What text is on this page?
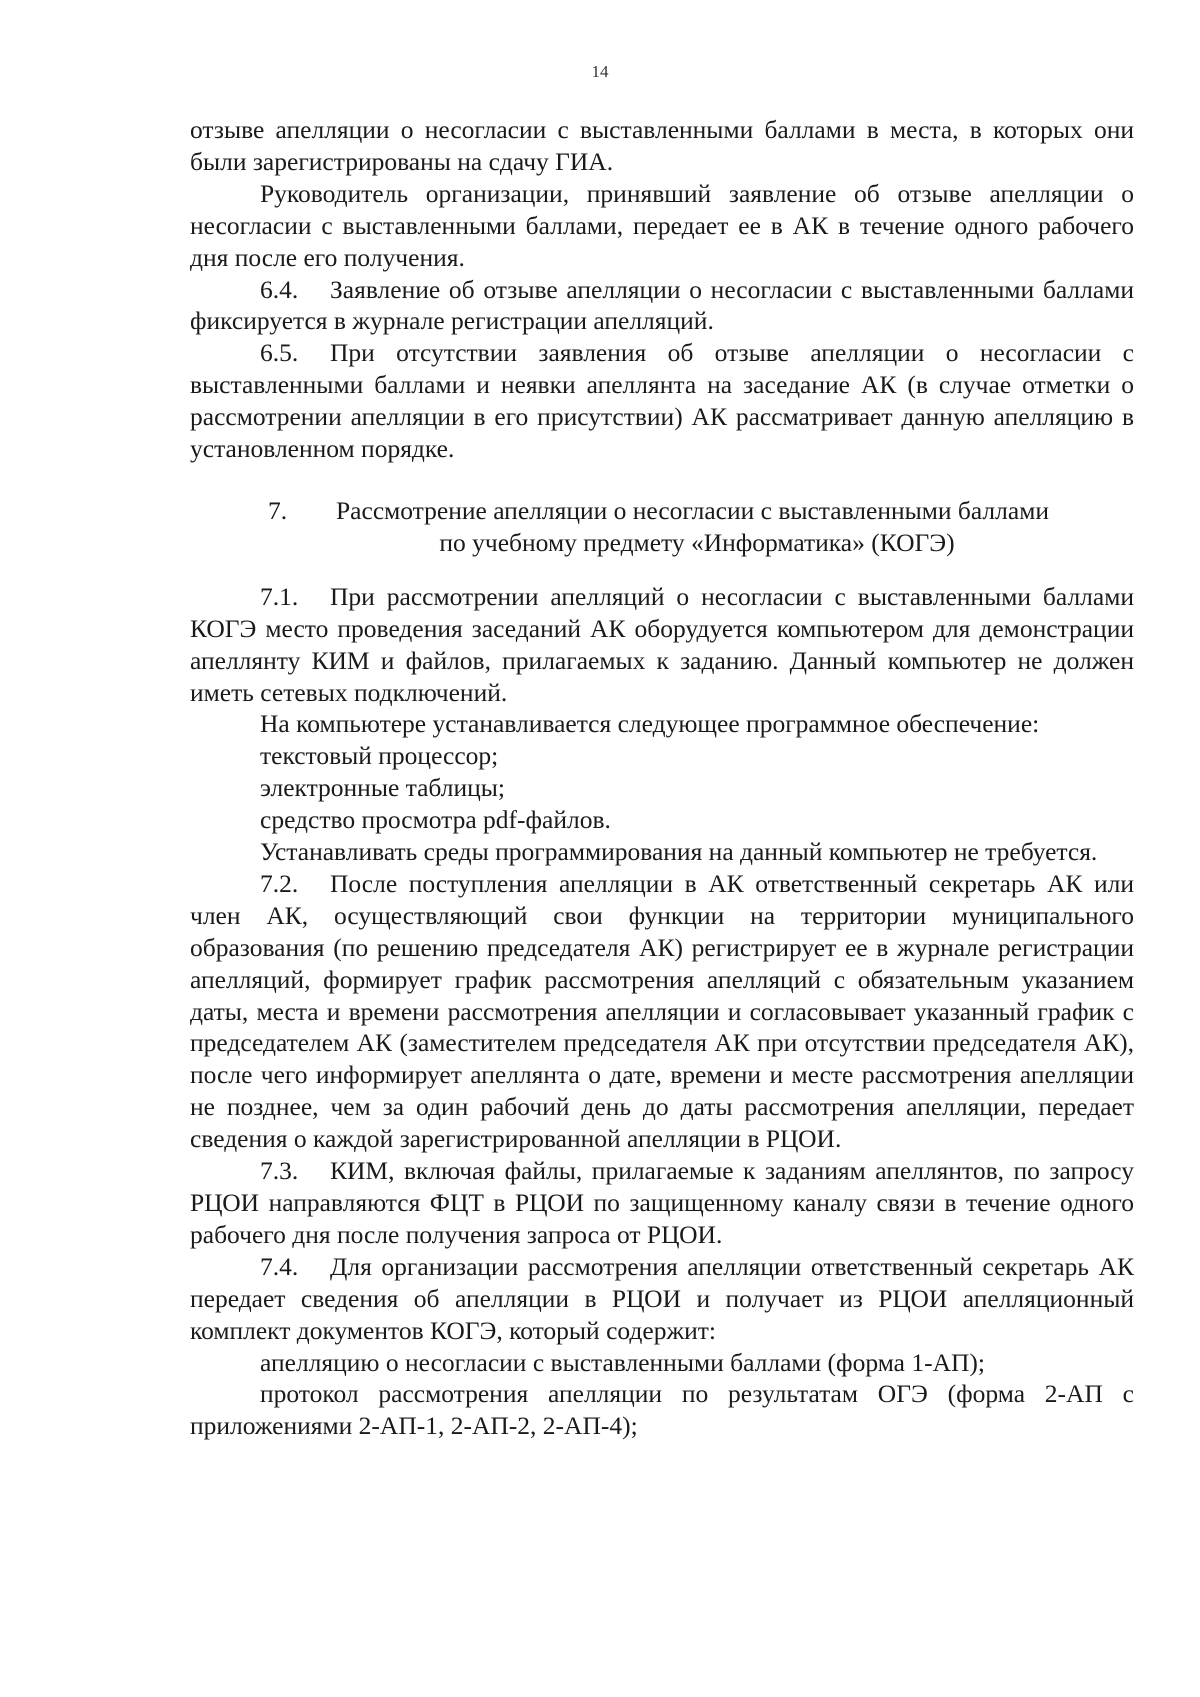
14

отзыве апелляции о несогласии с выставленными баллами в места, в которых они были зарегистрированы на сдачу ГИА.

Руководитель организации, принявший заявление об отзыве апелляции о несогласии с выставленными баллами, передает ее в АК в течение одного рабочего дня после его получения.

6.4. Заявление об отзыве апелляции о несогласии с выставленными баллами фиксируется в журнале регистрации апелляций.

6.5. При отсутствии заявления об отзыве апелляции о несогласии с выставленными баллами и неявки апеллянта на заседание АК (в случае отметки о рассмотрении апелляции в его присутствии) АК рассматривает данную апелляцию в установленном порядке.

7.	Рассмотрение апелляции о несогласии с выставленными баллами
по учебному предмету «Информатика» (КОГЭ)

7.1. При рассмотрении апелляций о несогласии с выставленными баллами КОГЭ место проведения заседаний АК оборудуется компьютером для демонстрации апеллянту КИМ и файлов, прилагаемых к заданию. Данный компьютер не должен иметь сетевых подключений.

На компьютере устанавливается следующее программное обеспечение:

текстовый процессор;

электронные таблицы;

средство просмотра pdf-файлов.

Устанавливать среды программирования на данный компьютер не требуется.

7.2. После поступления апелляции в АК ответственный секретарь АК или член АК, осуществляющий свои функции на территории муниципального образования (по решению председателя АК) регистрирует ее в журнале регистрации апелляций, формирует график рассмотрения апелляций с обязательным указанием даты, места и времени рассмотрения апелляции и согласовывает указанный график с председателем АК (заместителем председателя АК при отсутствии председателя АК), после чего информирует апеллянта о дате, времени и месте рассмотрения апелляции не позднее, чем за один рабочий день до даты рассмотрения апелляции, передает сведения о каждой зарегистрированной апелляции в РЦОИ.

7.3. КИМ, включая файлы, прилагаемые к заданиям апеллянтов, по запросу РЦОИ направляются ФЦТ в РЦОИ по защищенному каналу связи в течение одного рабочего дня после получения запроса от РЦОИ.

7.4. Для организации рассмотрения апелляции ответственный секретарь АК передает сведения об апелляции в РЦОИ и получает из РЦОИ апелляционный комплект документов КОГЭ, который содержит:

апелляцию о несогласии с выставленными баллами (форма 1-АП);

протокол рассмотрения апелляции по результатам ОГЭ (форма 2-АП с приложениями 2-АП-1, 2-АП-2, 2-АП-4);
